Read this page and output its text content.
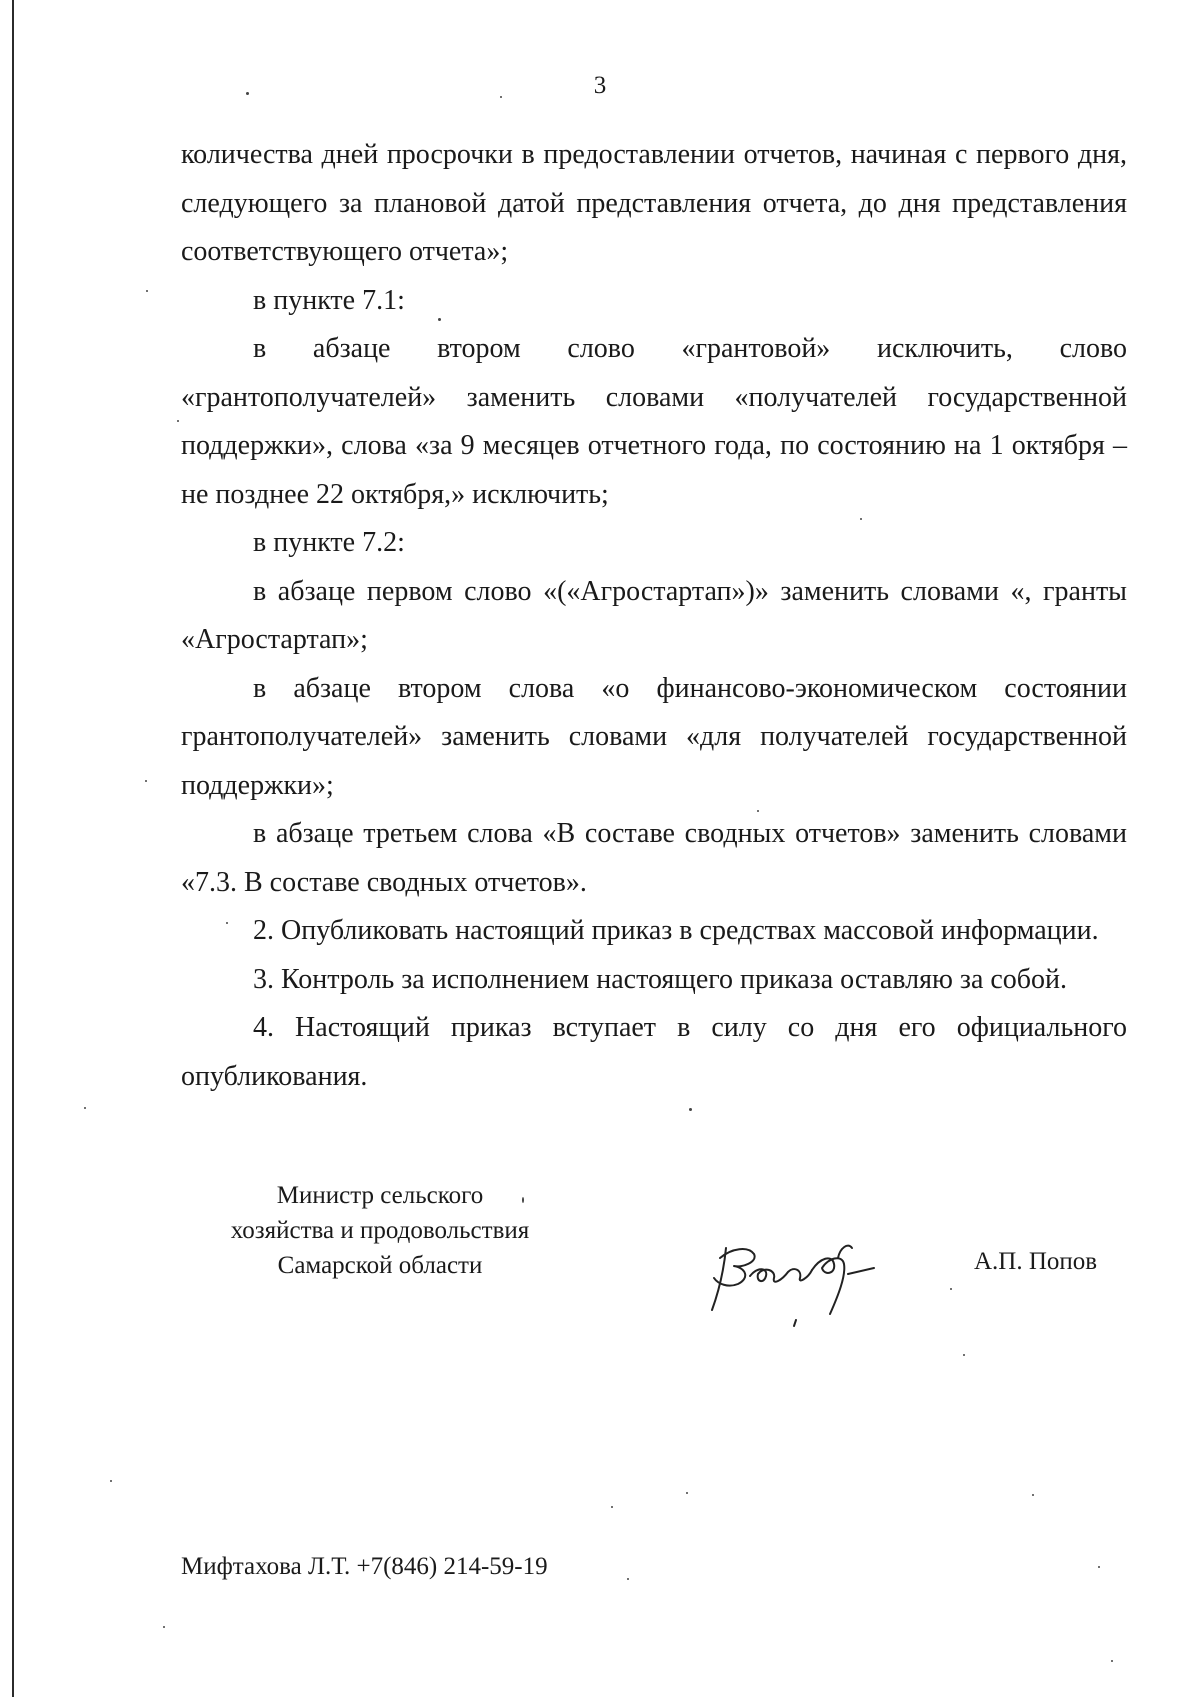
3

количества дней просрочки в предоставлении отчетов, начиная с первого дня, следующего за плановой датой представления отчета, до дня представления соответствующего отчета»;

в пункте 7.1:

в абзаце втором слово «грантовой» исключить, слово «грантополучателей» заменить словами «получателей государственной поддержки», слова «за 9 месяцев отчетного года, по состоянию на 1 октября – не позднее 22 октября,» исключить;

в пункте 7.2:

в абзаце первом слово «(«Агростартап»)» заменить словами «, гранты «Агростартап»;

в абзаце втором слова «о финансово-экономическом состоянии грантополучателей» заменить словами «для получателей государственной поддержки»;

в абзаце третьем слова «В составе сводных отчетов» заменить словами «7.3. В составе сводных отчетов».

2. Опубликовать настоящий приказ в средствах массовой информации.

3. Контроль за исполнением настоящего приказа оставляю за собой.

4. Настоящий приказ вступает в силу со дня его официального опубликования.

Министр сельского
хозяйства и продовольствия
Самарской области	А.П. Попов
Мифтахова Л.Т. +7(846) 214-59-19
